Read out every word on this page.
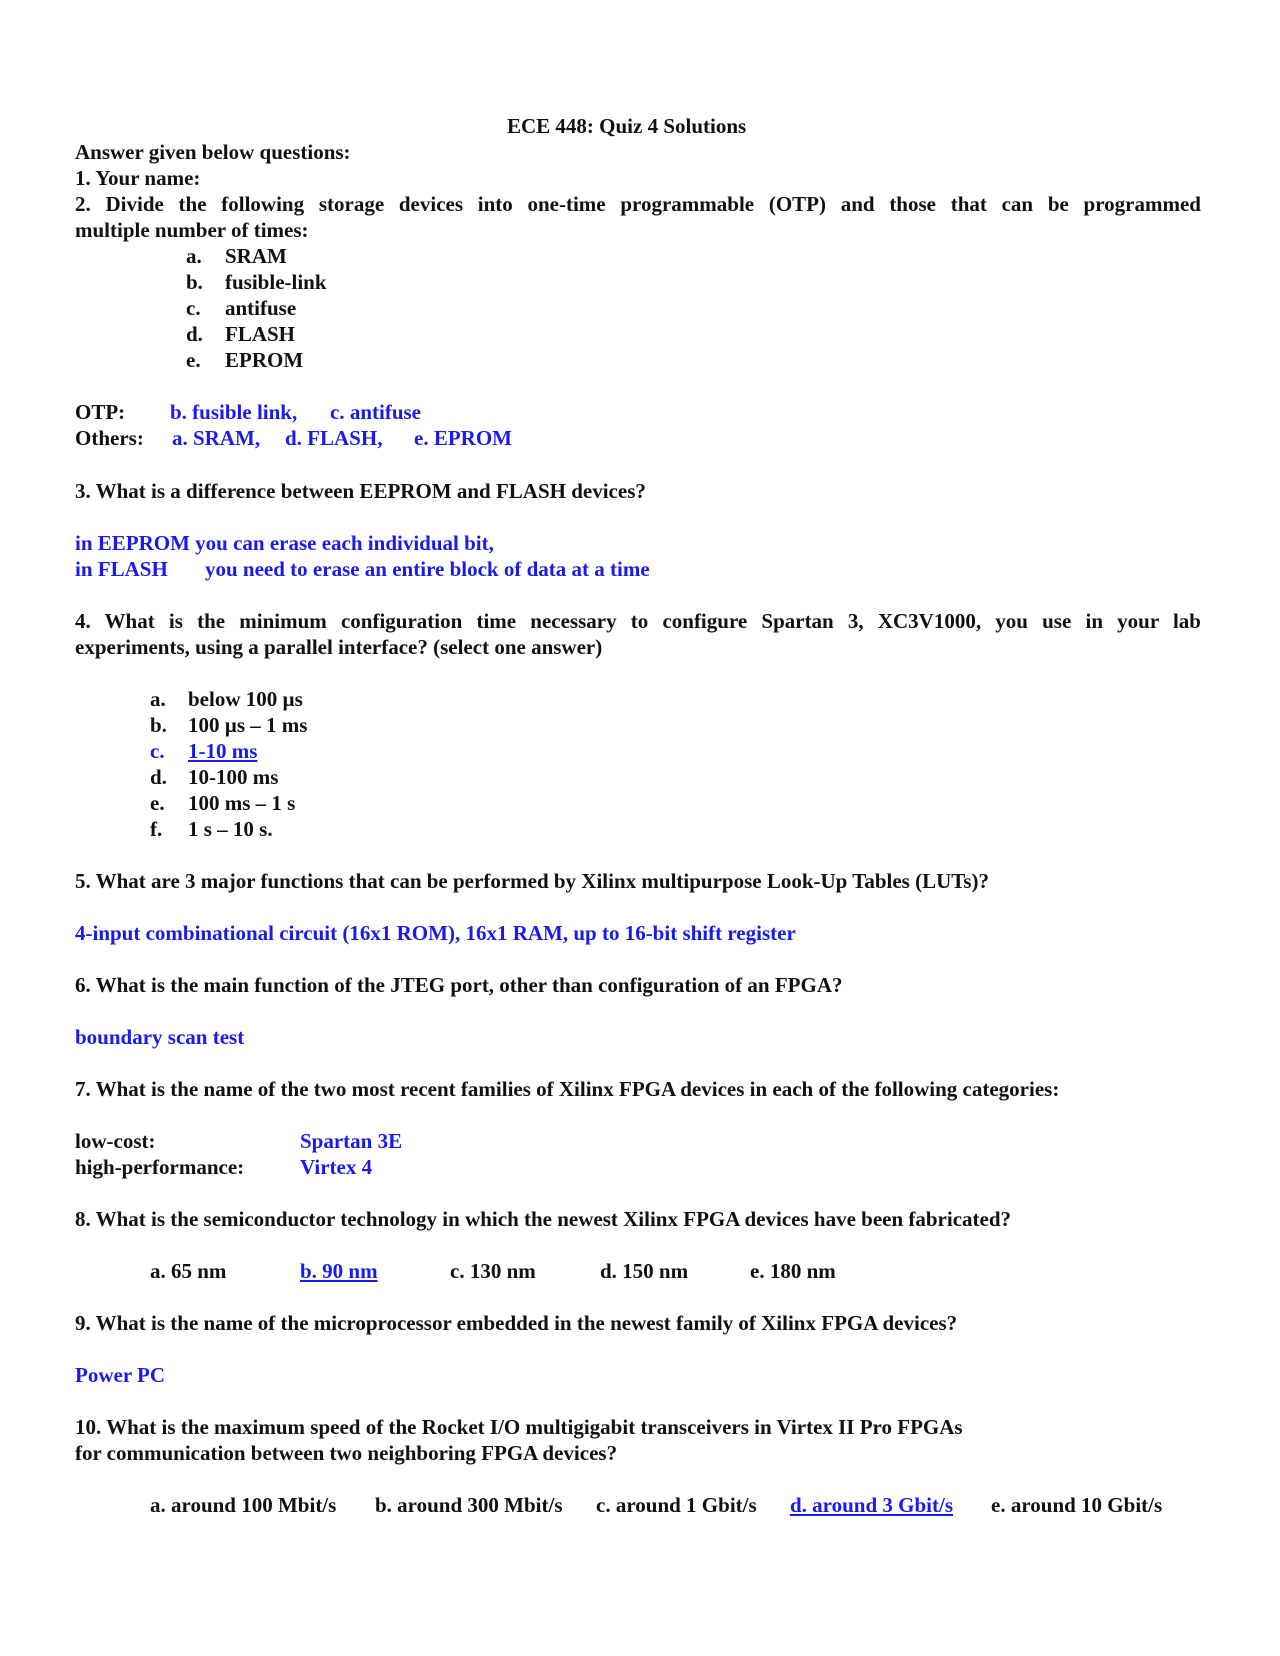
ECE 448: Quiz 4 Solutions
Answer given below questions:
1. Your name:
2. Divide the following storage devices into one-time programmable (OTP) and those that can be programmed
multiple number of times:
a. SRAM
b. fusible-link
c. antifuse
d. FLASH
e. EPROM
OTP: b. fusible link, c. antifuse
Others: a. SRAM, d. FLASH, e. EPROM
3. What is a difference between EEPROM and FLASH devices?
in EEPROM you can erase each individual bit,
in FLASH you need to erase an entire block of data at a time
4. What is the minimum configuration time necessary to configure Spartan 3, XC3V1000, you use in your lab
experiments, using a parallel interface? (select one answer)
a. below 100 µs
b. 100 µs – 1 ms
c. 1-10 ms
d. 10-100 ms
e. 100 ms – 1 s
f. 1 s – 10 s.
5. What are 3 major functions that can be performed by Xilinx multipurpose Look-Up Tables (LUTs)?
4-input combinational circuit (16x1 ROM), 16x1 RAM, up to 16-bit shift register
6. What is the main function of the JTEG port, other than configuration of an FPGA?
boundary scan test
7. What is the name of the two most recent families of Xilinx FPGA devices in each of the following categories:
low-cost:	Spartan 3E
high-performance:	Virtex 4
8. What is the semiconductor technology in which the newest Xilinx FPGA devices have been fabricated?
a. 65 nm	b. 90 nm	c. 130 nm	d. 150 nm	e. 180 nm
9. What is the name of the microprocessor embedded in the newest family of Xilinx FPGA devices?
Power PC
10. What is the maximum speed of the Rocket I/O multigigabit transceivers in Virtex II Pro FPGAs
for communication between two neighboring FPGA devices?
a. around 100 Mbit/s b. around 300 Mbit/s c. around 1 Gbit/s d. around 3 Gbit/s e. around 10 Gbit/s
